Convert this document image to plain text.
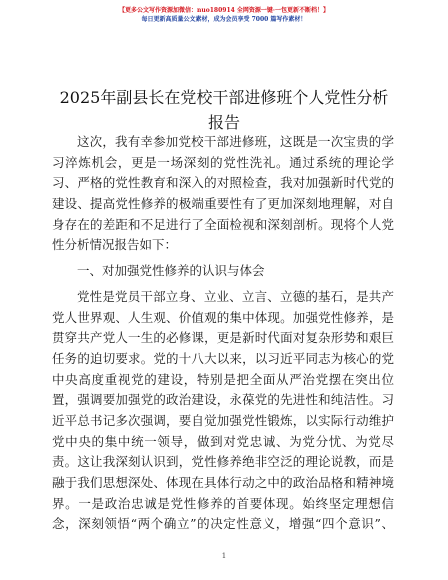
【更多公文写作资源加微信：nuo180914 全网资源一键·一包更新不断档！】
每日更新高质量公文素材，成为会员享受 7000 篇写作素材！
2025年副县长在党校干部进修班个人党性分析
报告
这次，我有幸参加党校干部进修班，这既是一次宝贵的学
习淬炼机会，更是一场深刻的党性洗礼。通过系统的理论学
习、严格的党性教育和深入的对照检查，我对加强新时代党的
建设、提高党性修养的极端重要性有了更加深刻地理解，对自
身存在的差距和不足进行了全面检视和深刻剖析。现将个人党
性分析情况报告如下：
一、对加强党性修养的认识与体会
党性是党员干部立身、立业、立言、立德的基石，是共产
党人世界观、人生观、价值观的集中体现。加强党性修养，是
贯穿共产党人一生的必修课，更是新时代面对复杂形势和艰巨
任务的迫切要求。党的十八大以来，以习近平同志为核心的党
中央高度重视党的建设，特别是把全面从严治党摆在突出位
置，强调要加强党的政治建设，永葆党的先进性和纯洁性。习
近平总书记多次强调，要自觉加强党性锻炼，以实际行动维护
党中央的集中统一领导，做到对党忠诚、为党分忧、为党尽
责。这让我深刻认识到，党性修养绝非空泛的理论说教，而是
融于我们思想深处、体现在具体行动之中的政治品格和精神境
界。一是政治忠诚是党性修养的首要体现。始终坚定理想信
念，深刻领悟“两个确立”的决定性意义，增强“四个意识”、
1
